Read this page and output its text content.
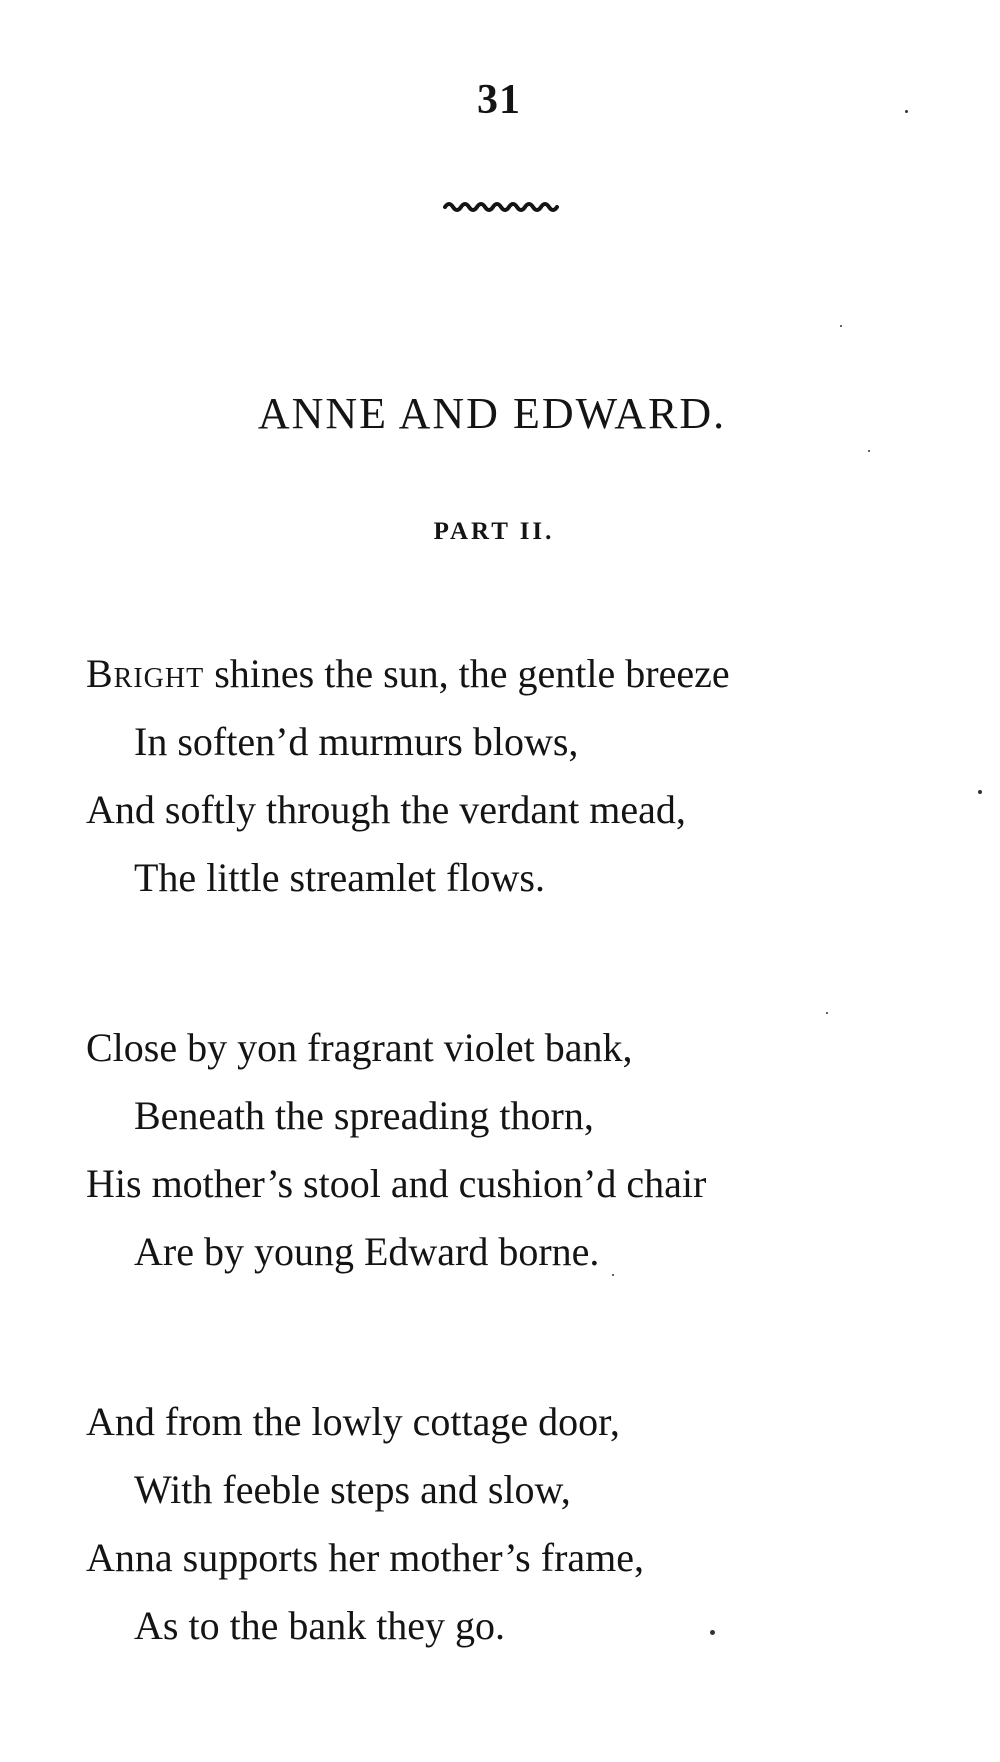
31
ANNE AND EDWARD.
PART II.
Bright shines the sun, the gentle breeze
In soften’d murmurs blows,
And softly through the verdant mead,
The little streamlet flows.
Close by yon fragrant violet bank,
Beneath the spreading thorn,
His mother’s stool and cushion’d chair
Are by young Edward borne.
And from the lowly cottage door,
With feeble steps and slow,
Anna supports her mother’s frame,
As to the bank they go.
